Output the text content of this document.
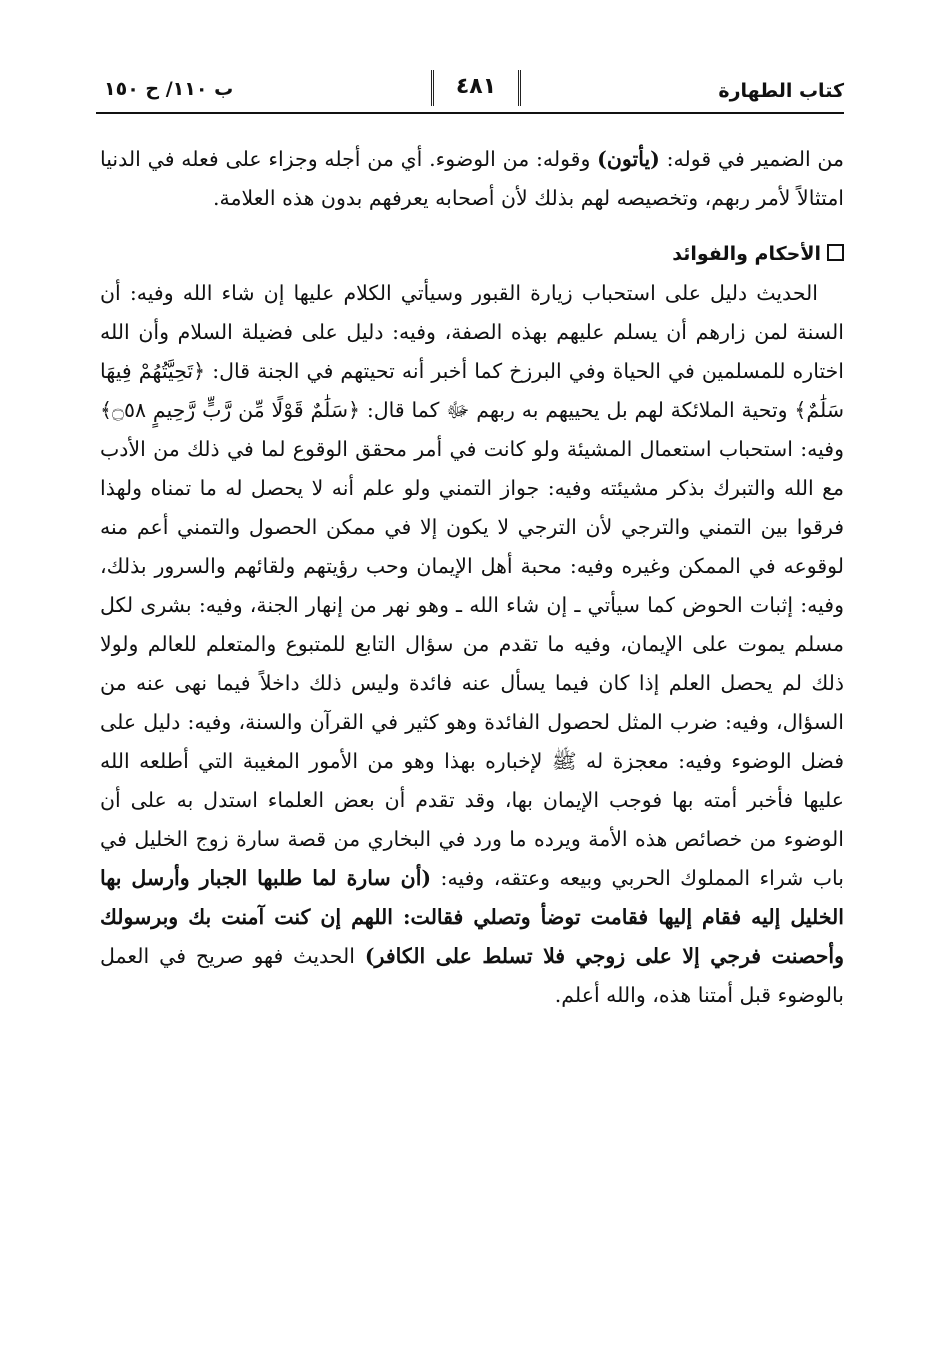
كتاب الطهارة
٤٨١
ب ١١٠/ ح ١٥٠

من الضمير في قوله: (يأتون) وقوله: من الوضوء. أي من أجله وجزاء على فعله في الدنيا امتثالاً لأمر ربهم، وتخصيصه لهم بذلك لأن أصحابه يعرفهم بدون هذه العلامة.

الأحكام والفوائد

الحديث دليل على استحباب زيارة القبور وسيأتي الكلام عليها إن شاء الله وفيه: أن السنة لمن زارهم أن يسلم عليهم بهذه الصفة، وفيه: دليل على فضيلة السلام وأن الله اختاره للمسلمين في الحياة وفي البرزخ كما أخبر أنه تحيتهم في الجنة قال: ﴿تَحِيَّتُهُمْ فِيهَا سَلَٰمٌ﴾ وتحية الملائكة لهم بل يحييهم به ربهم ﷻ كما قال: ﴿سَلَٰمٌ قَوْلًا مِّن رَّبٍّ رَّحِيمٍ ۝٥٨﴾ وفيه: استحباب استعمال المشيئة ولو كانت في أمر محقق الوقوع لما في ذلك من الأدب مع الله والتبرك بذكر مشيئته وفيه: جواز التمني ولو علم أنه لا يحصل له ما تمناه ولهذا فرقوا بين التمني والترجي لأن الترجي لا يكون إلا في ممكن الحصول والتمني أعم منه لوقوعه في الممكن وغيره وفيه: محبة أهل الإيمان وحب رؤيتهم ولقائهم والسرور بذلك، وفيه: إثبات الحوض كما سيأتي ـ إن شاء الله ـ وهو نهر من إنهار الجنة، وفيه: بشرى لكل مسلم يموت على الإيمان، وفيه ما تقدم من سؤال التابع للمتبوع والمتعلم للعالم ولولا ذلك لم يحصل العلم إذا كان فيما يسأل عنه فائدة وليس ذلك داخلاً فيما نهى عنه من السؤال، وفيه: ضرب المثل لحصول الفائدة وهو كثير في القرآن والسنة، وفيه: دليل على فضل الوضوء وفيه: معجزة له ﷺ لإخباره بهذا وهو من الأمور المغيبة التي أطلعه الله عليها فأخبر أمته بها فوجب الإيمان بها، وقد تقدم أن بعض العلماء استدل به على أن الوضوء من خصائص هذه الأمة ويرده ما ورد في البخاري من قصة سارة زوج الخليل في باب شراء المملوك الحربي وبيعه وعتقه، وفيه: (أن سارة لما طلبها الجبار وأرسل بها الخليل إليه فقام إليها فقامت توضأ وتصلي فقالت: اللهم إن كنت آمنت بك وبرسولك وأحصنت فرجي إلا على زوجي فلا تسلط على الكافر) الحديث فهو صريح في العمل بالوضوء قبل أمتنا هذه، والله أعلم.
